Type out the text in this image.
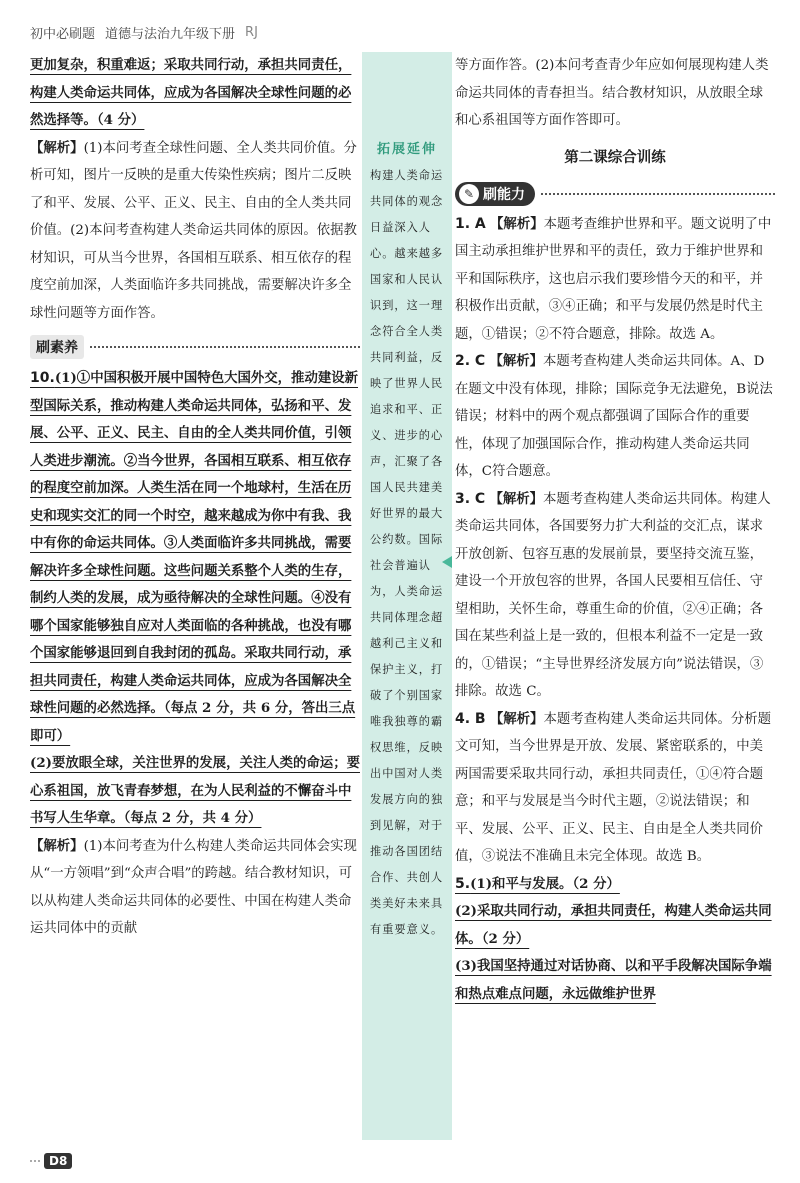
初中必刷题 道德与法治九年级下册 RJ

更加复杂，积重难返；采取共同行动，承担共同责任，构建人类命运共同体，应成为各国解决全球性问题的必然选择等。（4 分）

【解析】(1)本问考查全球性问题、全人类共同价值。分析可知，图片一反映的是重大传染性疾病；图片二反映了和平、发展、公平、正义、民主、自由的全人类共同价值。(2)本问考查构建人类命运共同体的原因。依据教材知识，可从当今世界，各国相互联系、相互依存的程度空前加深，人类面临许多共同挑战，需要解决许多全球性问题等方面作答。

刷素养

10.(1)①中国积极开展中国特色大国外交，推动建设新型国际关系，推动构建人类命运共同体，弘扬和平、发展、公平、正义、民主、自由的全人类共同价值，引领人类进步潮流。②当今世界，各国相互联系、相互依存的程度空前加深。人类生活在同一个地球村，生活在历史和现实交汇的同一个时空，越来越成为你中有我、我中有你的命运共同体。③人类面临许多共同挑战，需要解决许多全球性问题。这些问题关系整个人类的生存，制约人类的发展，成为亟待解决的全球性问题。④没有哪个国家能够独自应对人类面临的各种挑战，也没有哪个国家能够退回到自我封闭的孤岛。采取共同行动，承担共同责任，构建人类命运共同体，应成为各国解决全球性问题的必然选择。（每点 2 分，共 6 分，答出三点即可）

(2)要放眼全球，关注世界的发展，关注人类的命运；要心系祖国，放飞青春梦想，在为人民利益的不懈奋斗中书写人生华章。（每点 2 分，共 4 分）

【解析】(1)本问考查为什么构建人类命运共同体会实现从“一方领唱”到“众声合唱”的跨越。结合教材知识，可以从构建人类命运共同体的必要性、中国在构建人类命运共同体中的贡献

拓展延伸
构建人类命运共同体的观念日益深入人心。越来越多国家和人民认识到，这一理念符合全人类共同利益，反映了世界人民追求和平、正义、进步的心声，汇聚了各国人民共建美好世界的最大公约数。国际社会普遍认为，人类命运共同体理念超越利己主义和保护主义，打破了个别国家唯我独尊的霸权思维，反映出中国对人类发展方向的独到见解，对于推动各国团结合作、共创人类美好未来具有重要意义。

等方面作答。(2)本问考查青少年应如何展现构建人类命运共同体的青春担当。结合教材知识，从放眼全球和心系祖国等方面作答即可。

第二课综合训练
✎ 刷能力

1. A 【解析】本题考查维护世界和平。题文说明了中国主动承担维护世界和平的责任，致力于维护世界和平和国际秩序，这也启示我们要珍惜今天的和平，并积极作出贡献，③④正确；和平与发展仍然是时代主题，①错误；②不符合题意，排除。故选 A。

2. C 【解析】本题考查构建人类命运共同体。A、D在题文中没有体现，排除；国际竞争无法避免，B说法错误；材料中的两个观点都强调了国际合作的重要性，体现了加强国际合作，推动构建人类命运共同体，C符合题意。

3. C 【解析】本题考查构建人类命运共同体。构建人类命运共同体，各国要努力扩大利益的交汇点，谋求开放创新、包容互惠的发展前景，要坚持交流互鉴，建设一个开放包容的世界，各国人民要相互信任、守望相助，关怀生命，尊重生命的价值，②④正确；各国在某些利益上是一致的，但根本利益不一定是一致的，①错误；“主导世界经济发展方向”说法错误，③排除。故选 C。

4. B 【解析】本题考查构建人类命运共同体。分析题文可知，当今世界是开放、发展、紧密联系的，中美两国需要采取共同行动，承担共同责任，①④符合题意；和平与发展是当今时代主题，②说法错误；和平、发展、公平、正义、民主、自由是全人类共同价值，③说法不准确且未完全体现。故选 B。

5.(1)和平与发展。（2 分）

(2)采取共同行动，承担共同责任，构建人类命运共同体。（2 分）

(3)我国坚持通过对话协商、以和平手段解决国际争端和热点难点问题，永远做维护世界

D8
